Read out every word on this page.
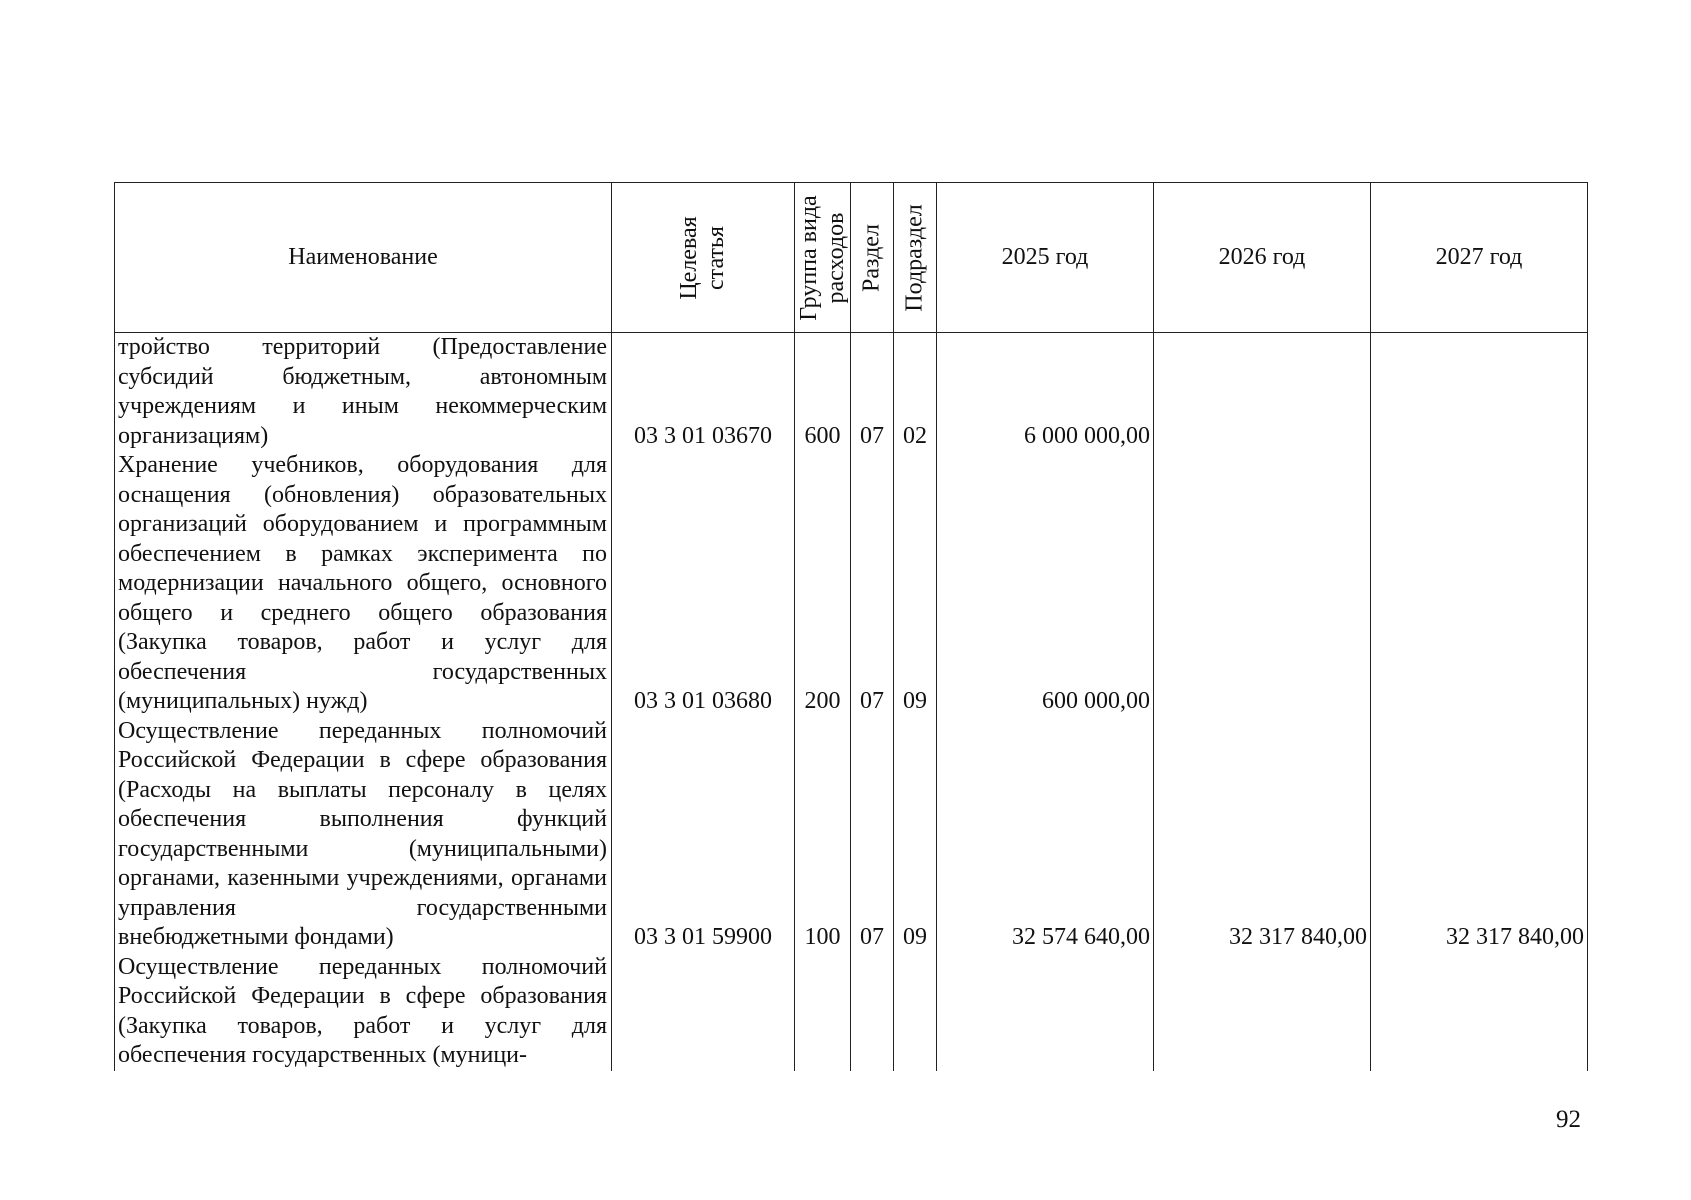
Наименование	Целевая статья	Группа вида расходов	Раздел	Подраздел	2025 год	2026 год	2027 год
тройство территорий (Предоставление субсидий бюджетным, автономным учреждениям и иным некоммерческим организациям)	03 3 01 03670	600	07	02	6 000 000,00		
Хранение учебников, оборудования для оснащения (обновления) образовательных организаций оборудованием и программным обеспечением в рамках эксперимента по модернизации начального общего, основного общего и среднего общего образования (Закупка товаров, работ и услуг для обеспечения государственных (муниципальных) нужд)	03 3 01 03680	200	07	09	600 000,00		
Осуществление переданных полномочий Российской Федерации в сфере образования (Расходы на выплаты персоналу в целях обеспечения выполнения функций государственными (муниципальными) органами, казенными учреждениями, органами управления государственными внебюджетными фондами)	03 3 01 59900	100	07	09	32 574 640,00	32 317 840,00	32 317 840,00
Осуществление переданных полномочий Российской Федерации в сфере образования (Закупка товаров, работ и услуг для обеспечения государственных (муници-							
92
